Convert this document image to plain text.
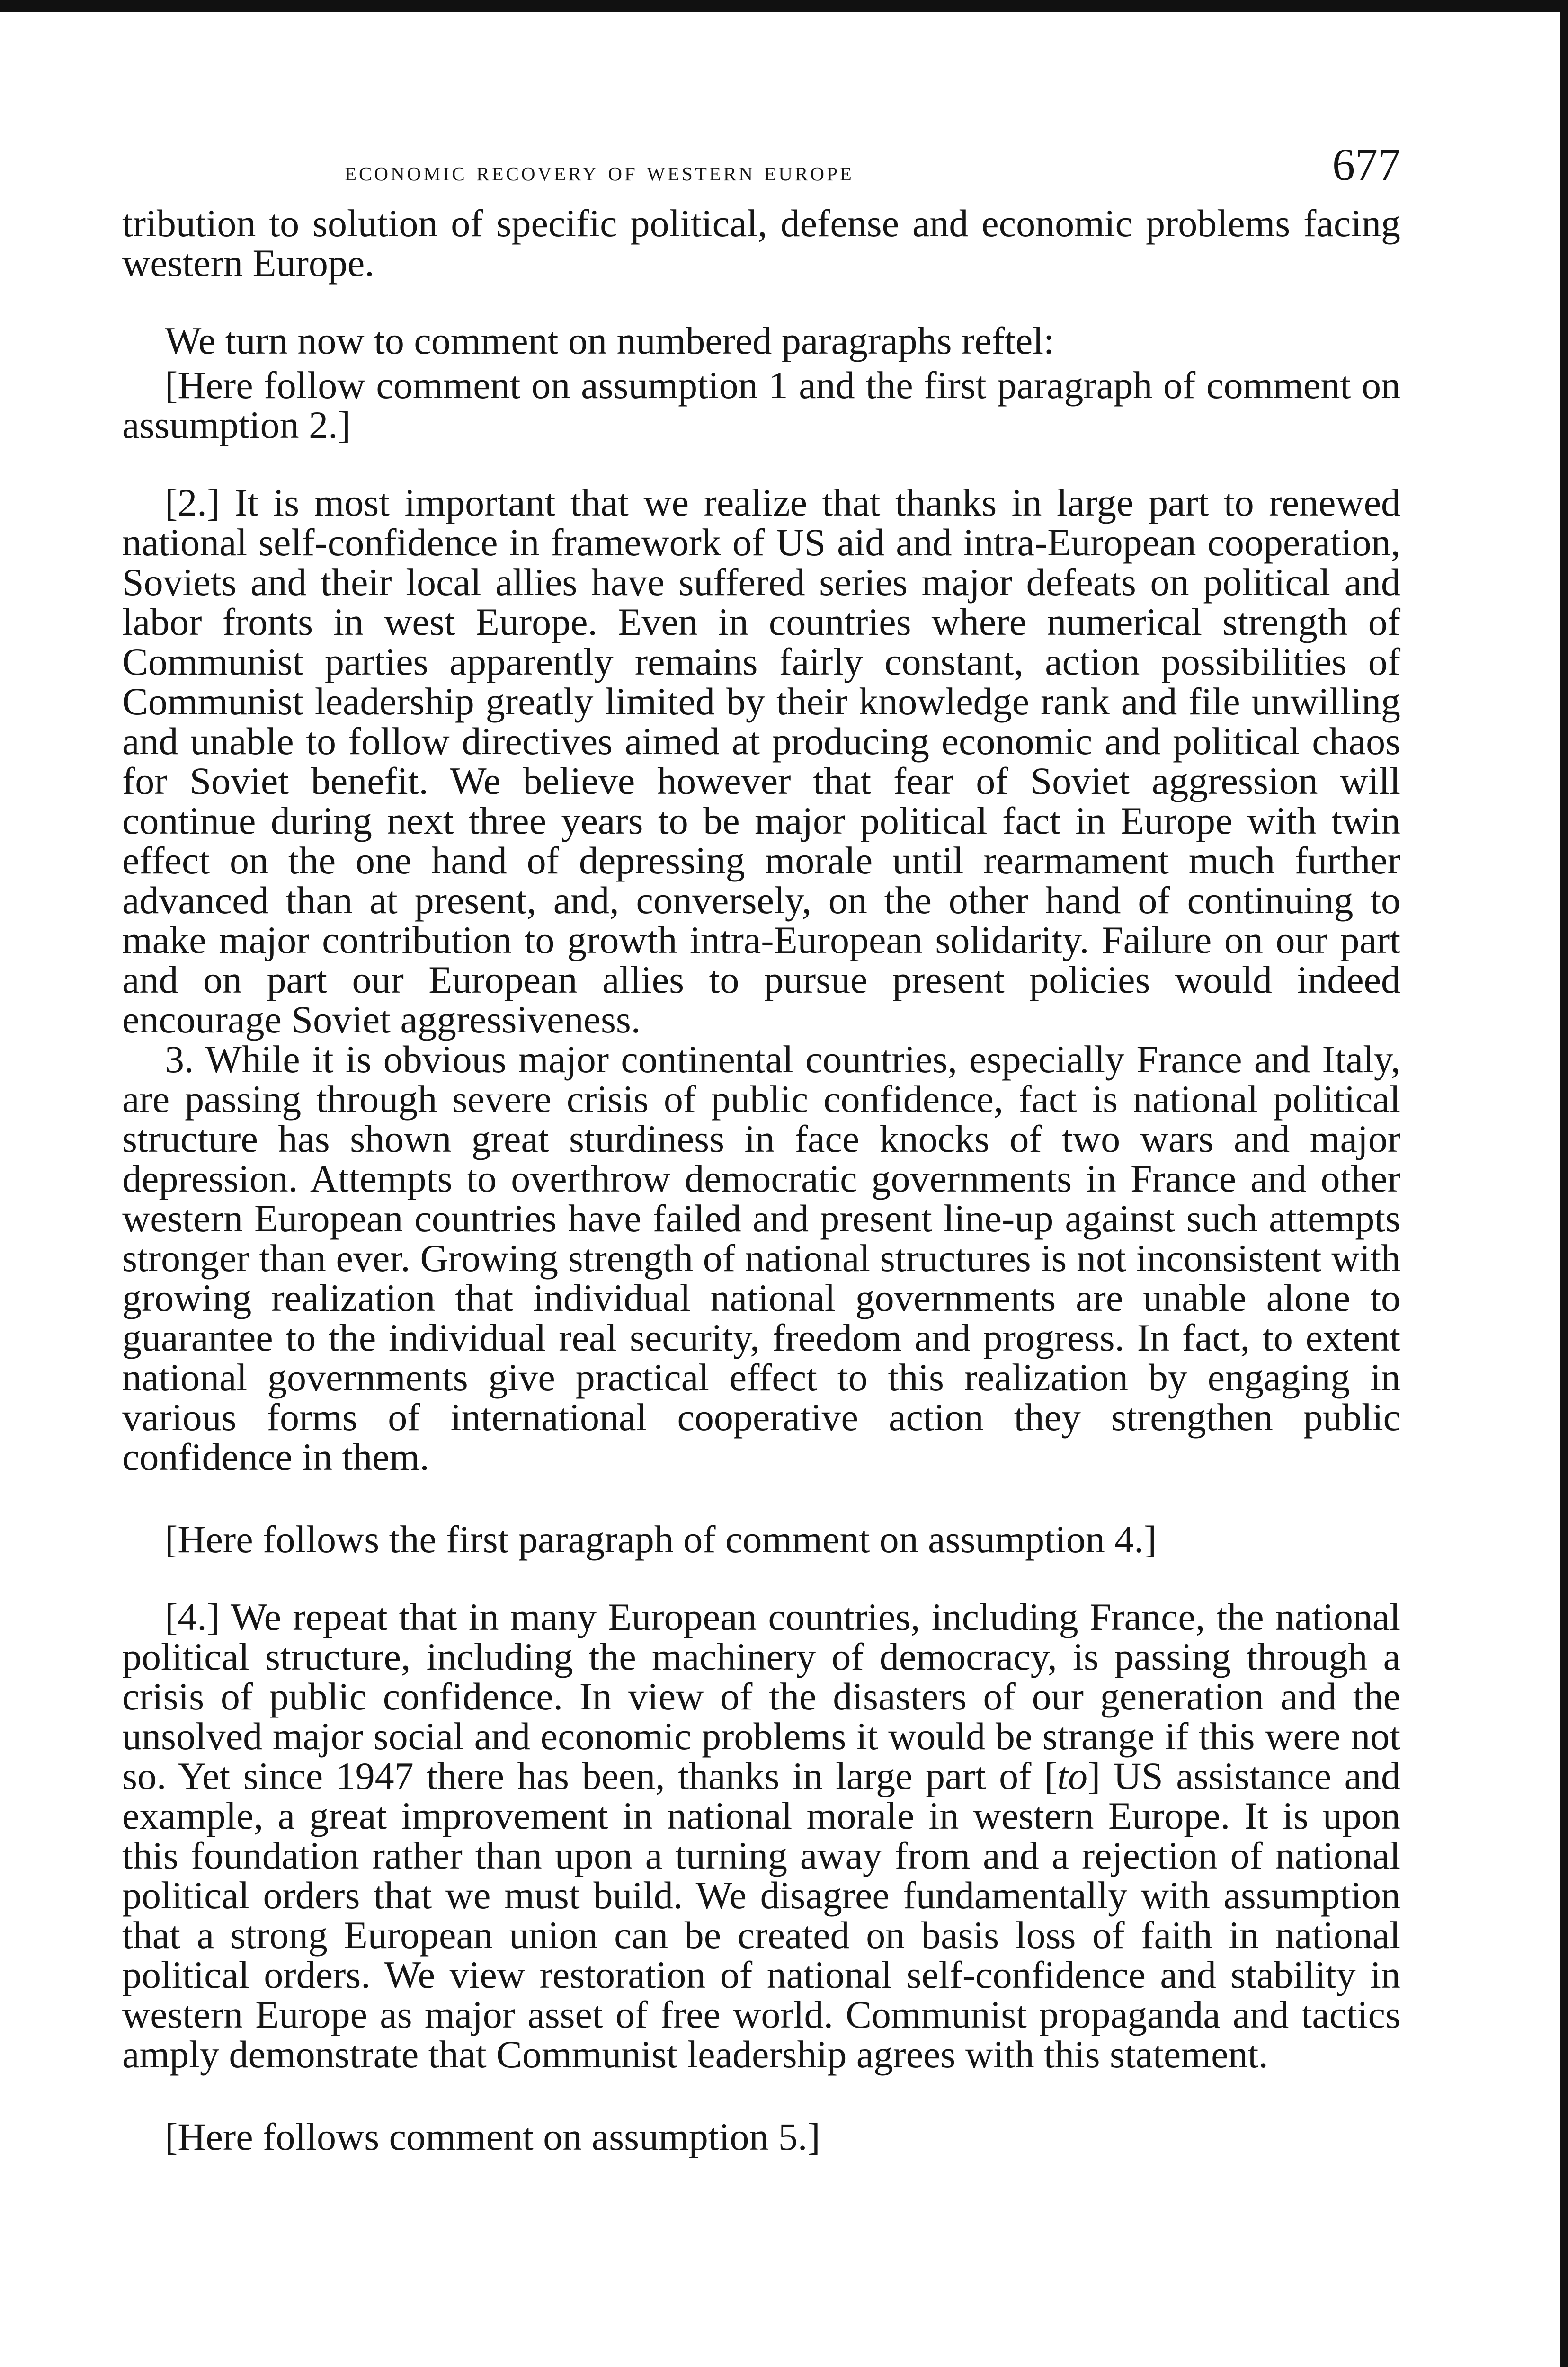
economic recovery of western europe	677

tribution to solution of specific political, defense and economic problems facing western Europe.

We turn now to comment on numbered paragraphs reftel:

[Here follow comment on assumption 1 and the first paragraph of comment on assumption 2.]

[2.] It is most important that we realize that thanks in large part to renewed national self-confidence in framework of US aid and intra-European cooperation, Soviets and their local allies have suffered series major defeats on political and labor fronts in west Europe. Even in countries where numerical strength of Communist parties apparently remains fairly constant, action possibilities of Communist leadership greatly limited by their knowledge rank and file unwilling and unable to follow directives aimed at producing economic and political chaos for Soviet benefit. We believe however that fear of Soviet aggression will continue during next three years to be major political fact in Europe with twin effect on the one hand of depressing morale until rearmament much further advanced than at present, and, conversely, on the other hand of continuing to make major contribution to growth intra-European solidarity. Failure on our part and on part our European allies to pursue present policies would indeed encourage Soviet aggressiveness.

3. While it is obvious major continental countries, especially France and Italy, are passing through severe crisis of public confidence, fact is national political structure has shown great sturdiness in face knocks of two wars and major depression. Attempts to overthrow democratic governments in France and other western European countries have failed and present line-up against such attempts stronger than ever. Growing strength of national structures is not inconsistent with growing realization that individual national governments are unable alone to guarantee to the individual real security, freedom and progress. In fact, to extent national governments give practical effect to this realization by engaging in various forms of international cooperative action they strengthen public confidence in them.

[Here follows the first paragraph of comment on assumption 4.]

[4.] We repeat that in many European countries, including France, the national political structure, including the machinery of democracy, is passing through a crisis of public confidence. In view of the disasters of our generation and the unsolved major social and economic problems it would be strange if this were not so. Yet since 1947 there has been, thanks in large part of [to] US assistance and example, a great improvement in national morale in western Europe. It is upon this foundation rather than upon a turning away from and a rejection of national political orders that we must build. We disagree fundamentally with assumption that a strong European union can be created on basis loss of faith in national political orders. We view restoration of national self-confidence and stability in western Europe as major asset of free world. Communist propaganda and tactics amply demonstrate that Communist leadership agrees with this statement.

[Here follows comment on assumption 5.]
